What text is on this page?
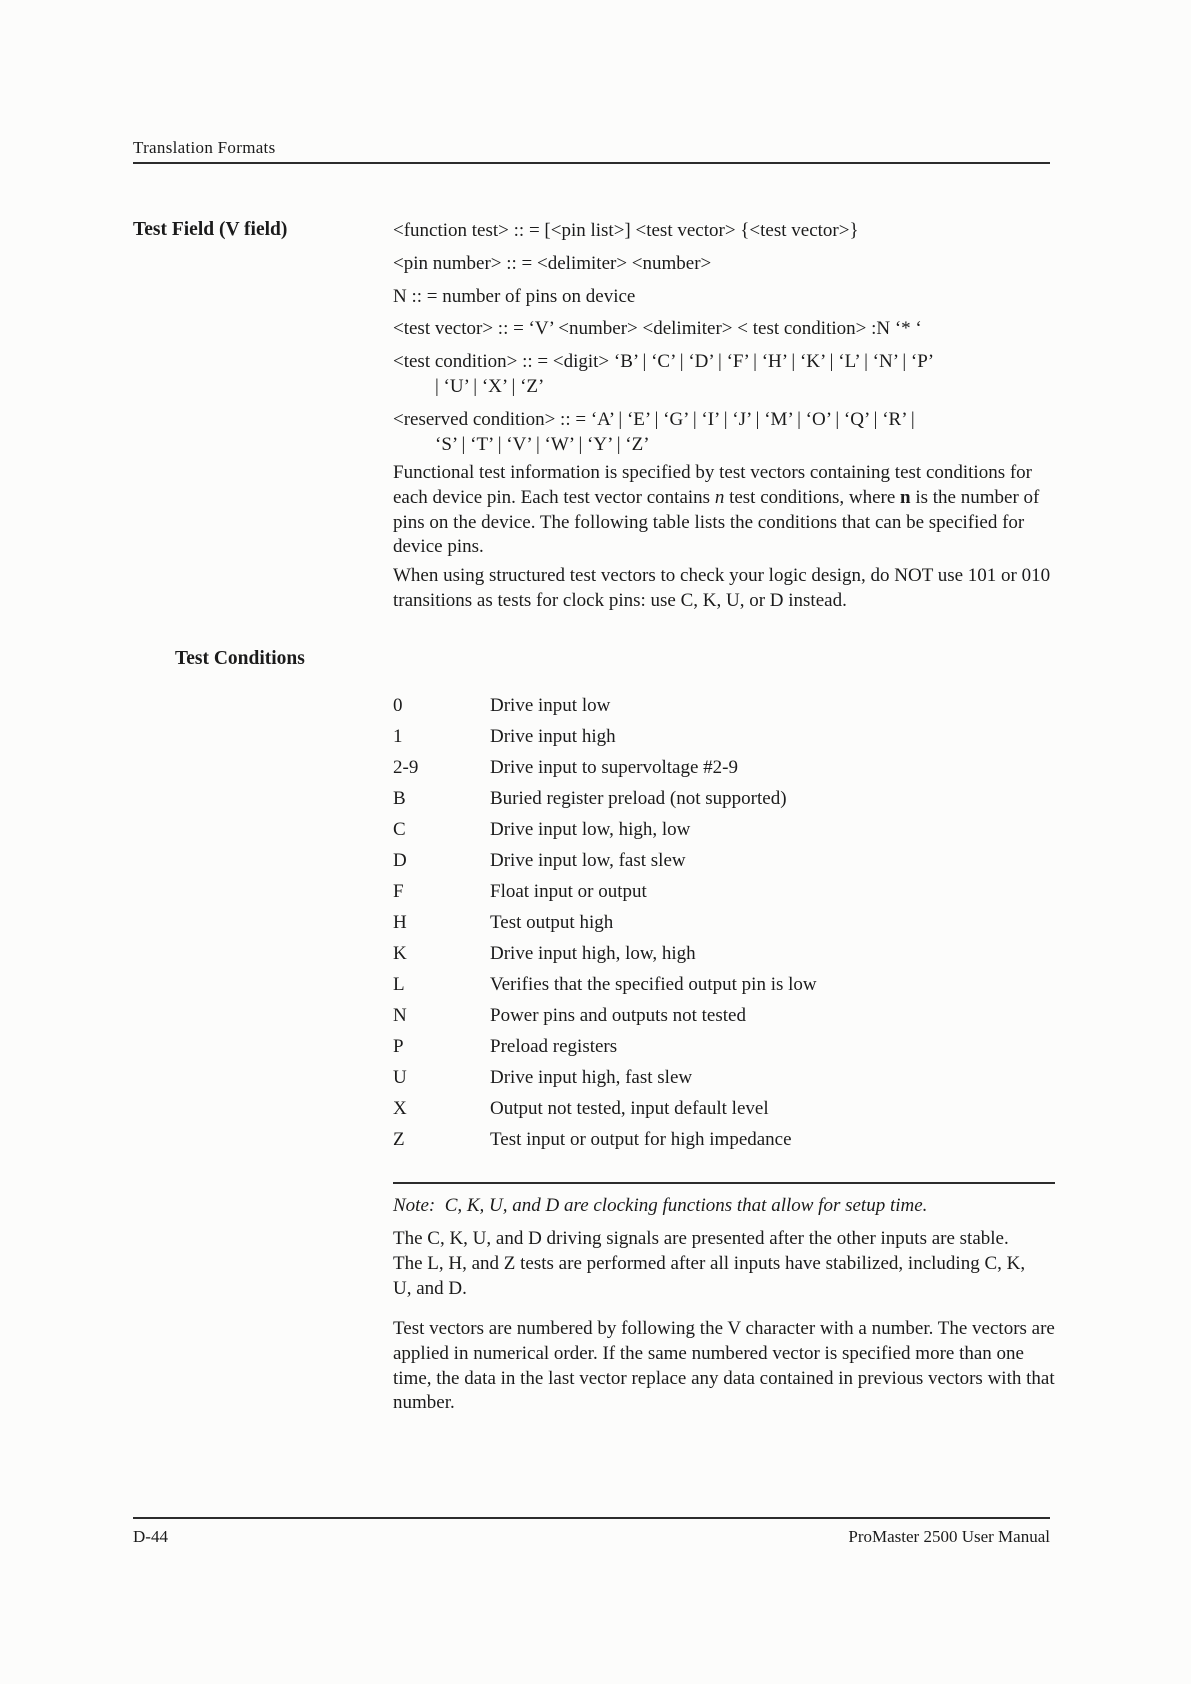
Translation Formats
Test Field (V field)	<function test> :: = [<pin list>] <test vector> {<test vector>}
<pin number> :: = <delimiter> <number>
N :: = number of pins on device
<test vector> :: = ‘V’ <number> <delimiter> < test condition> :N ‘* ‘
<test condition> :: = <digit> ‘B’ | ‘C’ | ‘D’ | ‘F’ | ‘H’ | ‘K’ | ‘L’ | ‘N’ | ‘P’
| ‘U’ | ‘X’ | ‘Z’
<reserved condition> :: = ‘A’ | ‘E’ | ‘G’ | ‘I’ | ‘J’ | ‘M’ | ‘O’ | ‘Q’ | ‘R’ |
‘S’ | ‘T’ | ‘V’ | ‘W’ | ‘Y’ | ‘Z’

Functional test information is specified by test vectors containing test conditions for each device pin. Each test vector contains n test conditions, where n is the number of pins on the device. The following table lists the conditions that can be specified for device pins.

When using structured test vectors to check your logic design, do NOT use 101 or 010 transitions as tests for clock pins: use C, K, U, or D instead.

Test Conditions
0	Drive input low
1	Drive input high
2-9	Drive input to supervoltage #2-9
B	Buried register preload (not supported)
C	Drive input low, high, low
D	Drive input low, fast slew
F	Float input or output
H	Test output high
K	Drive input high, low, high
L	Verifies that the specified output pin is low
N	Power pins and outputs not tested
P	Preload registers
U	Drive input high, fast slew
X	Output not tested, input default level
Z	Test input or output for high impedance

Note:  C, K, U, and D are clocking functions that allow for setup time.

The C, K, U, and D driving signals are presented after the other inputs are stable. The L, H, and Z tests are performed after all inputs have stabilized, including C, K, U, and D.

Test vectors are numbered by following the V character with a number. The vectors are applied in numerical order. If the same numbered vector is specified more than one time, the data in the last vector replace any data contained in previous vectors with that number.

D-44	ProMaster 2500 User Manual
